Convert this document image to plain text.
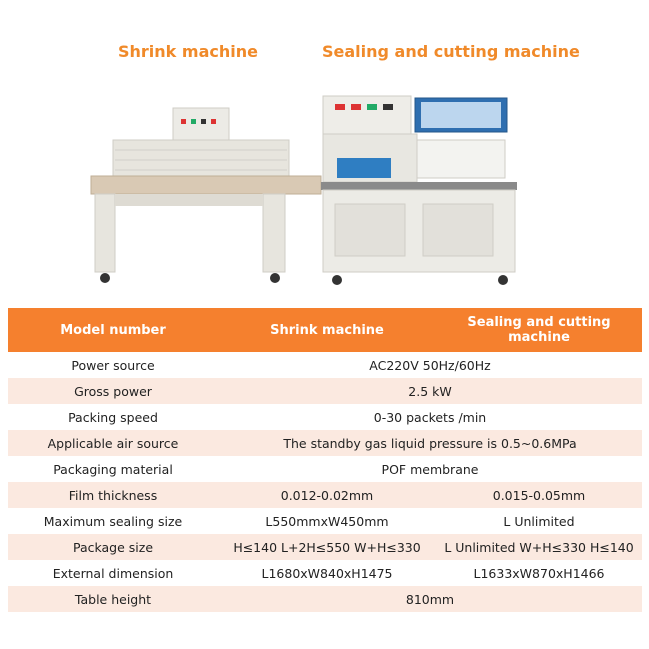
Shrink machine	Sealing and cutting machine
Model number	Shrink machine	Sealing and cutting machine
Power source	AC220V 50Hz/60Hz	
Gross power	2.5 kW	
Packing speed	0-30 packets /min	
Applicable air source	The standby gas liquid pressure is 0.5~0.6MPa	
Packaging material	POF membrane	
Film thickness	0.012-0.02mm	0.015-0.05mm
Maximum sealing size	L550mmxW450mm	L Unlimited
Package size	H≤140 L+2H≤550 W+H≤330	L Unlimited W+H≤330 H≤140
External dimension	L1680xW840xH1475	L1633xW870xH1466
Table height	810mm	
